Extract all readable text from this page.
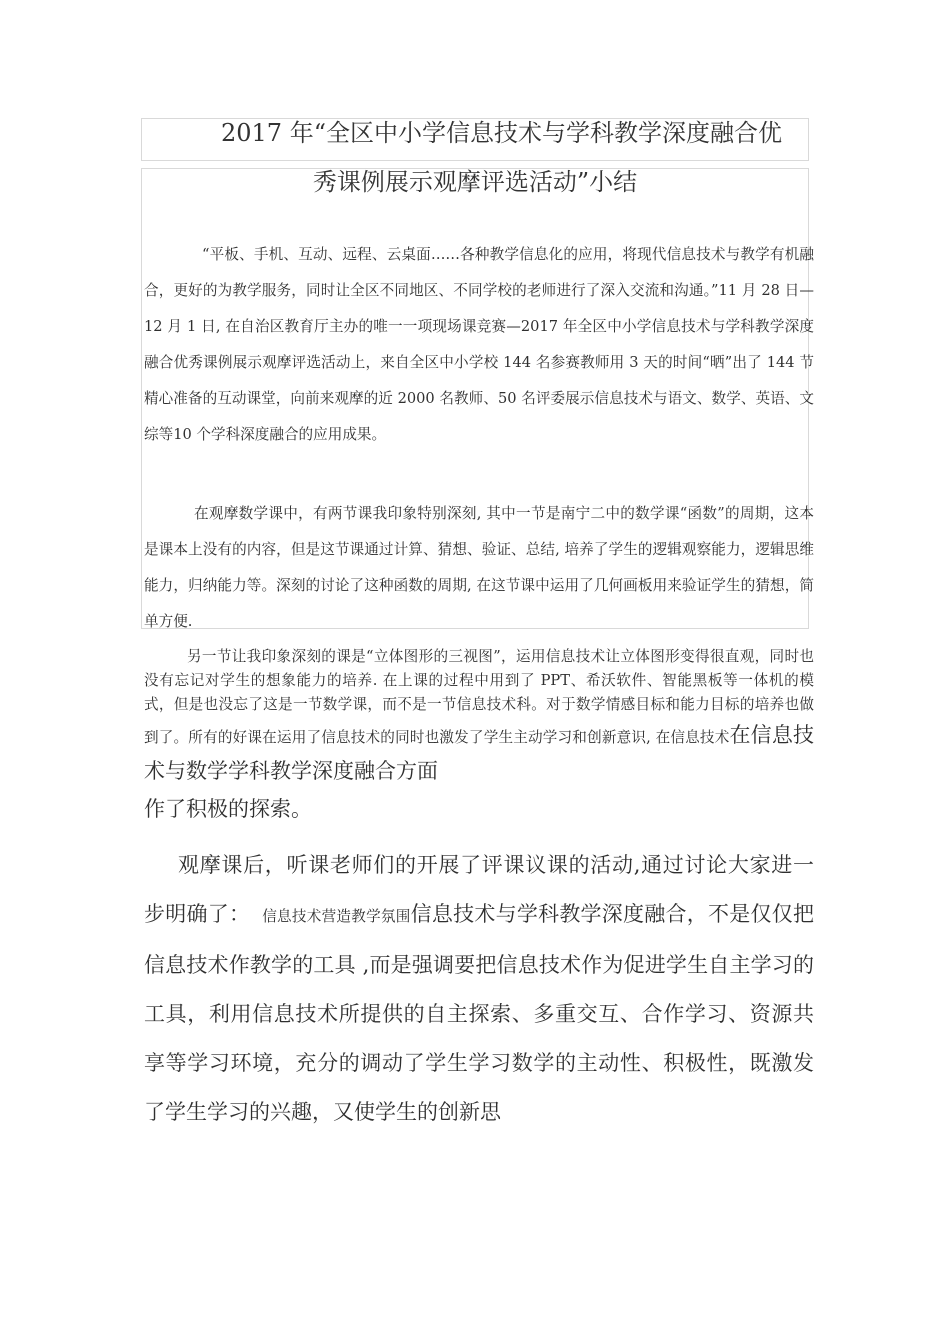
2017 年“全区中小学信息技术与学科教学深度融合优
秀课例展示观摩评选活动”小结

“平板、手机、互动、远程、云桌面……各种教学信息化的应用，将现代信息技术与教学有机融合，更好的为教学服务，同时让全区不同地区、不同学校的老师进行了深入交流和沟通。”11 月 28 日—12 月 1 日, 在自治区教育厅主办的唯一一项现场课竞赛—2017 年全区中小学信息技术与学科教学深度融合优秀课例展示观摩评选活动上，来自全区中小学校 144 名参赛教师用 3 天的时间“晒”出了 144 节精心准备的互动课堂，向前来观摩的近 2000 名教师、50 名评委展示信息技术与语文、数学、英语、文综等10 个学科深度融合的应用成果。

在观摩数学课中，有两节课我印象特别深刻, 其中一节是南宁二中的数学课“函数”的周期，这本是课本上没有的内容，但是这节课通过计算、猜想、验证、总结, 培养了学生的逻辑观察能力，逻辑思维能力，归纳能力等。深刻的讨论了这种函数的周期, 在这节课中运用了几何画板用来验证学生的猜想，简单方便.

另一节让我印象深刻的课是“立体图形的三视图”，运用信息技术让立体图形变得很直观，同时也没有忘记对学生的想象能力的培养. 在上课的过程中用到了 PPT、希沃软件、智能黑板等一体机的模式，但是也没忘了这是一节数学课，而不是一节信息技术科。对于数学情感目标和能力目标的培养也做到了。所有的好课在运用了信息技术的同时也激发了学生主动学习和创新意识, 在信息技术在信息技术与数学学科教学深度融合方面
作了积极的探索。

观摩课后，听课老师们的开展了评课议课的活动,通过讨论大家进一步明确了： 信息技术营造教学氛围信息技术与学科教学深度融合，不是仅仅把信息技术作教学的工具 ,而是强调要把信息技术作为促进学生自主学习的工具，利用信息技术所提供的自主探索、多重交互、合作学习、资源共享等学习环境，充分的调动了学生学习数学的主动性、积极性，既激发了学生学习的兴趣，又使学生的创新思
